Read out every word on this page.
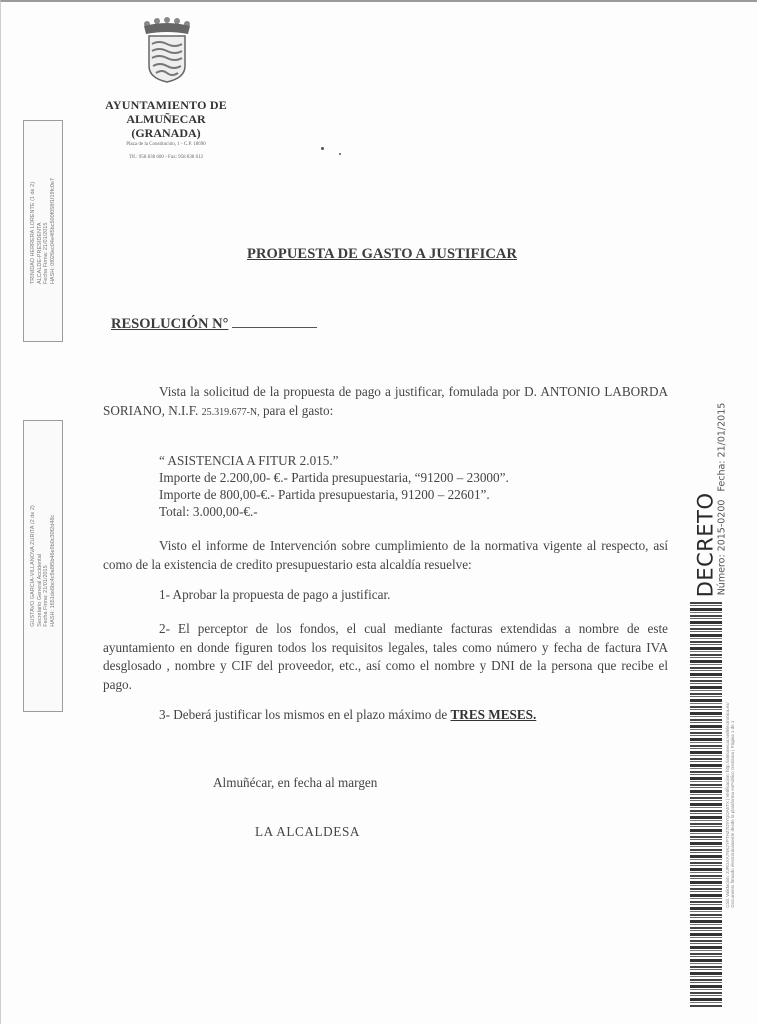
AYUNTAMIENTO DE
ALMUÑECAR
(GRANADA)
Plaza de la Constitución, 1 - C.P. 18690
Tlf.: 958 838 600 - Fax: 958 838 612
TRINIDAD HERRERA LORENTE (1 de 2) ALCALDE-PRESIDENTA Fecha Firma: 21/01/2015 HASH: 0f026ec04e4f5bc500f058f1f19fc0e7
GUSTAVO GARCIA-VILLANOVA ZURITA (2 de 2) Secretario General Accidental Fecha Firma: 21/01/2015 HASH: 1651de6bc4c9a8f5b46e9b0c30f2d48c
PROPUESTA DE GASTO A JUSTIFICAR
RESOLUCIÓN N°
Vista la solicitud de la propuesta de pago a justificar, fomulada por D. ANTONIO LABORDA SORIANO, N.I.F. 25.319.677-N, para el gasto:
“ ASISTENCIA A FITUR 2.015.”
Importe de 2.200,00- €.- Partida presupuestaria, “91200 – 23000”.
Importe de 800,00-€.- Partida presupuestaria, 91200 – 22601”.
Total: 3.000,00-€.-
Visto el informe de Intervención sobre cumplimiento de la normativa vigente al respecto, así como de la existencia de credito presupuestario esta alcaldía resuelve:
1- Aprobar la propuesta de pago a justificar.
2- El perceptor de los fondos, el cual mediante facturas extendidas a nombre de este ayuntamiento en donde figuren todos los requisitos legales, tales como número y fecha de factura IVA desglosado , nombre y CIF del proveedor, etc., así como el nombre y DNI de la persona que recibe el pago.
3- Deberá justificar los mismos en el plazo máximo de TRES MESES.
Almuñécar, en fecha al margen
LA ALCALDESA
DECRETO Número: 2015-0200Fecha: 21/01/2015
Cód. Validación: 3JRGXA7NK2YPTHZ7D9YQDA5TX | Verificación: http://almunecar.sedelectronica.es/ Documento firmado electrónicamente desde la plataforma esPublico Gestiona | Página 1 de 1
